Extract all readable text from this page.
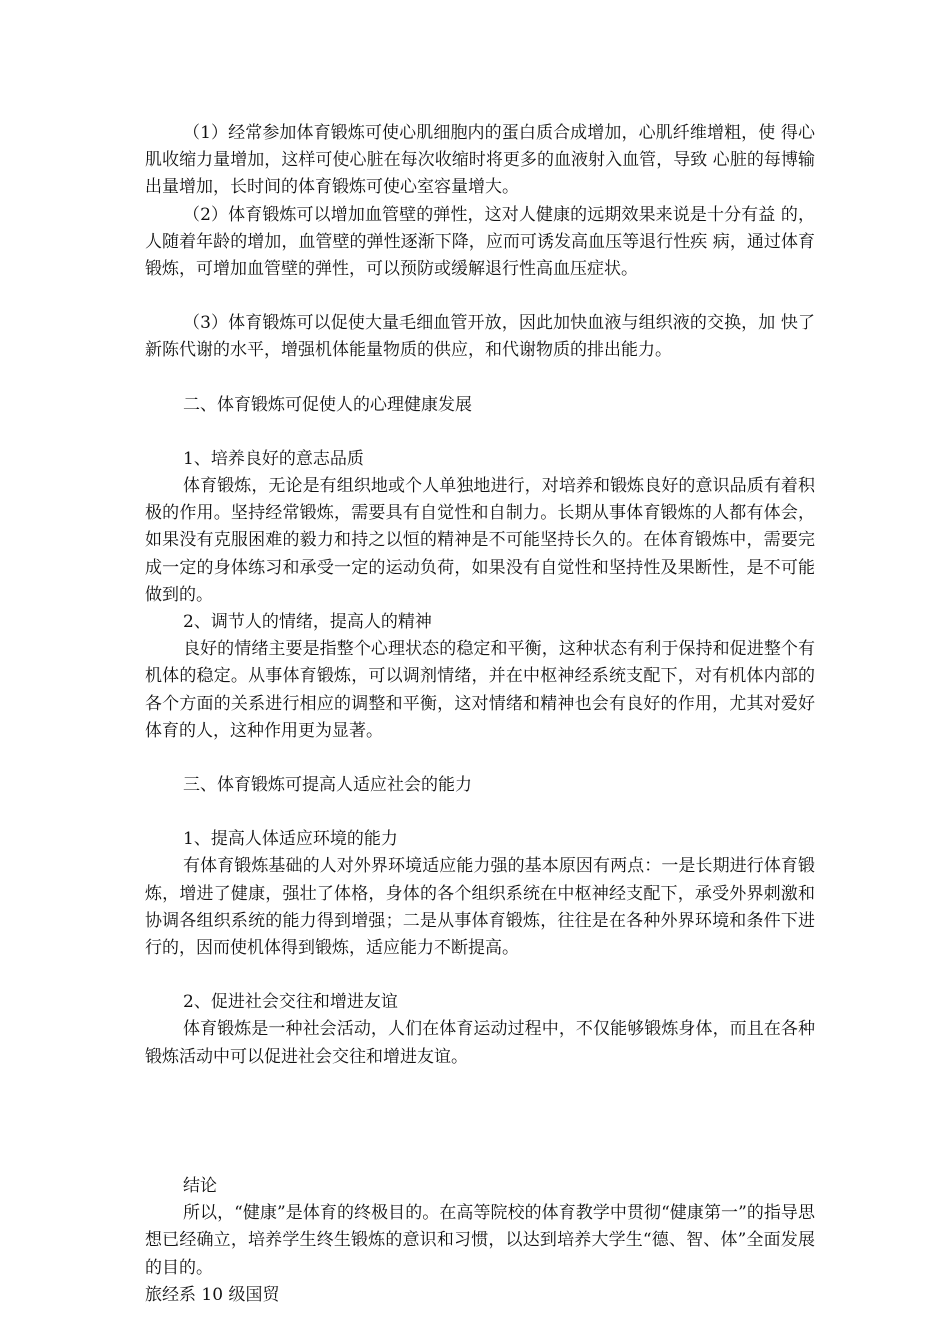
（1）经常参加体育锻炼可使心肌细胞内的蛋白质合成增加，心肌纤维增粗，使 得心肌收缩力量增加，这样可使心脏在每次收缩时将更多的血液射入血管，导致 心脏的每博输出量增加，长时间的体育锻炼可使心室容量增大。

（2）体育锻炼可以增加血管壁的弹性，这对人健康的远期效果来说是十分有益 的，人随着年龄的增加，血管壁的弹性逐渐下降，应而可诱发高血压等退行性疾 病，通过体育锻炼，可增加血管壁的弹性，可以预防或缓解退行性高血压症状。

（3）体育锻炼可以促使大量毛细血管开放，因此加快血液与组织液的交换，加 快了新陈代谢的水平，增强机体能量物质的供应，和代谢物质的排出能力。

二、体育锻炼可促使人的心理健康发展

1、培养良好的意志品质

体育锻炼，无论是有组织地或个人单独地进行，对培养和锻炼良好的意识品质有着积极的作用。坚持经常锻炼，需要具有自觉性和自制力。长期从事体育锻炼的人都有体会，如果没有克服困难的毅力和持之以恒的精神是不可能坚持长久的。在体育锻炼中，需要完成一定的身体练习和承受一定的运动负荷，如果没有自觉性和坚持性及果断性，是不可能做到的。

2、调节人的情绪，提高人的精神

良好的情绪主要是指整个心理状态的稳定和平衡，这种状态有利于保持和促进整个有机体的稳定。从事体育锻炼，可以调剂情绪，并在中枢神经系统支配下，对有机体内部的各个方面的关系进行相应的调整和平衡，这对情绪和精神也会有良好的作用，尤其对爱好体育的人，这种作用更为显著。

三、体育锻炼可提高人适应社会的能力

1、提高人体适应环境的能力

有体育锻炼基础的人对外界环境适应能力强的基本原因有两点：一是长期进行体育锻炼，增进了健康，强壮了体格，身体的各个组织系统在中枢神经支配下，承受外界刺激和协调各组织系统的能力得到增强；二是从事体育锻炼，往往是在各种外界环境和条件下进行的，因而使机体得到锻炼，适应能力不断提高。

2、促进社会交往和增进友谊

体育锻炼是一种社会活动，人们在体育运动过程中，不仅能够锻炼身体，而且在各种锻炼活动中可以促进社会交往和增进友谊。

结论

所以，“健康”是体育的终极目的。在高等院校的体育教学中贯彻“健康第一”的指导思想已经确立，培养学生终生锻炼的意识和习惯，以达到培养大学生“德、智、体”全面发展的目的。

旅经系 10 级国贸
